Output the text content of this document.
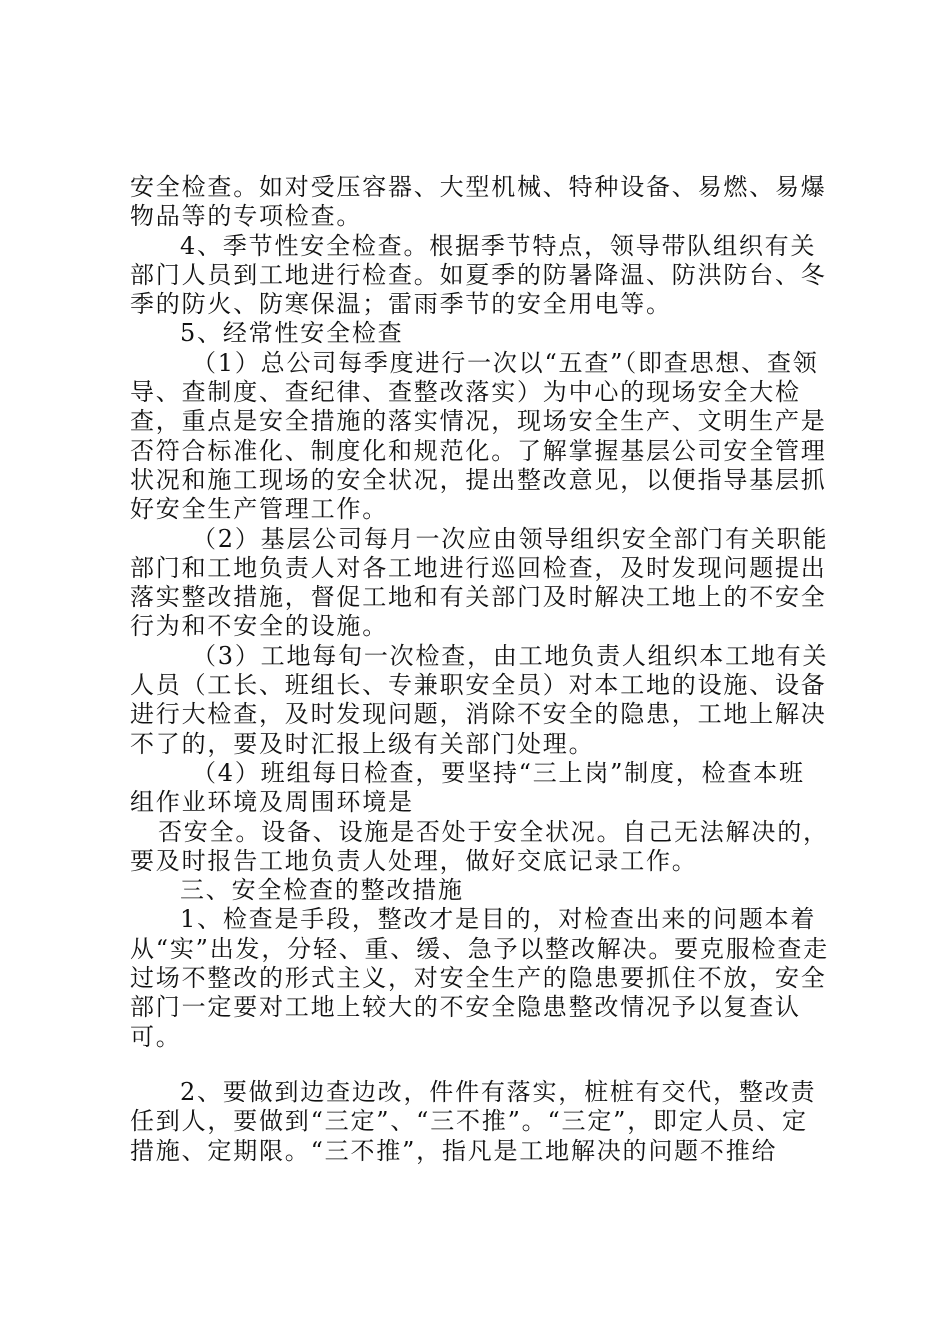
安全检查。如对受压容器、大型机械、特种设备、易燃、易爆物品等的专项检查。

4、季节性安全检查。根据季节特点，领导带队组织有关部门人员到工地进行检查。如夏季的防暑降温、防洪防台、冬季的防火、防寒保温；雷雨季节的安全用电等。

5、经常性安全检查

（1）总公司每季度进行一次以“五查”（即查思想、查领导、查制度、查纪律、查整改落实）为中心的现场安全大检查，重点是安全措施的落实情况，现场安全生产、文明生产是否符合标准化、制度化和规范化。了解掌握基层公司安全管理状况和施工现场的安全状况，提出整改意见，以便指导基层抓好安全生产管理工作。

（2）基层公司每月一次应由领导组织安全部门有关职能部门和工地负责人对各工地进行巡回检查，及时发现问题提出落实整改措施，督促工地和有关部门及时解决工地上的不安全行为和不安全的设施。

（3）工地每旬一次检查，由工地负责人组织本工地有关人员（工长、班组长、专兼职安全员）对本工地的设施、设备进行大检查，及时发现问题，消除不安全的隐患，工地上解决不了的，要及时汇报上级有关部门处理。

（4）班组每日检查，要坚持“三上岗”制度，检查本班组作业环境及周围环境是

否安全。设备、设施是否处于安全状况。自己无法解决的，要及时报告工地负责人处理，做好交底记录工作。

三、安全检查的整改措施

1、检查是手段，整改才是目的，对检查出来的问题本着从“实”出发，分轻、重、缓、急予以整改解决。要克服检查走过场不整改的形式主义，对安全生产的隐患要抓住不放，安全部门一定要对工地上较大的不安全隐患整改情况予以复查认可。

2、要做到边查边改，件件有落实，桩桩有交代，整改责任到人，要做到“三定”、“三不推”。“三定”，即定人员、定措施、定期限。“三不推”，指凡是工地解决的问题不推给
